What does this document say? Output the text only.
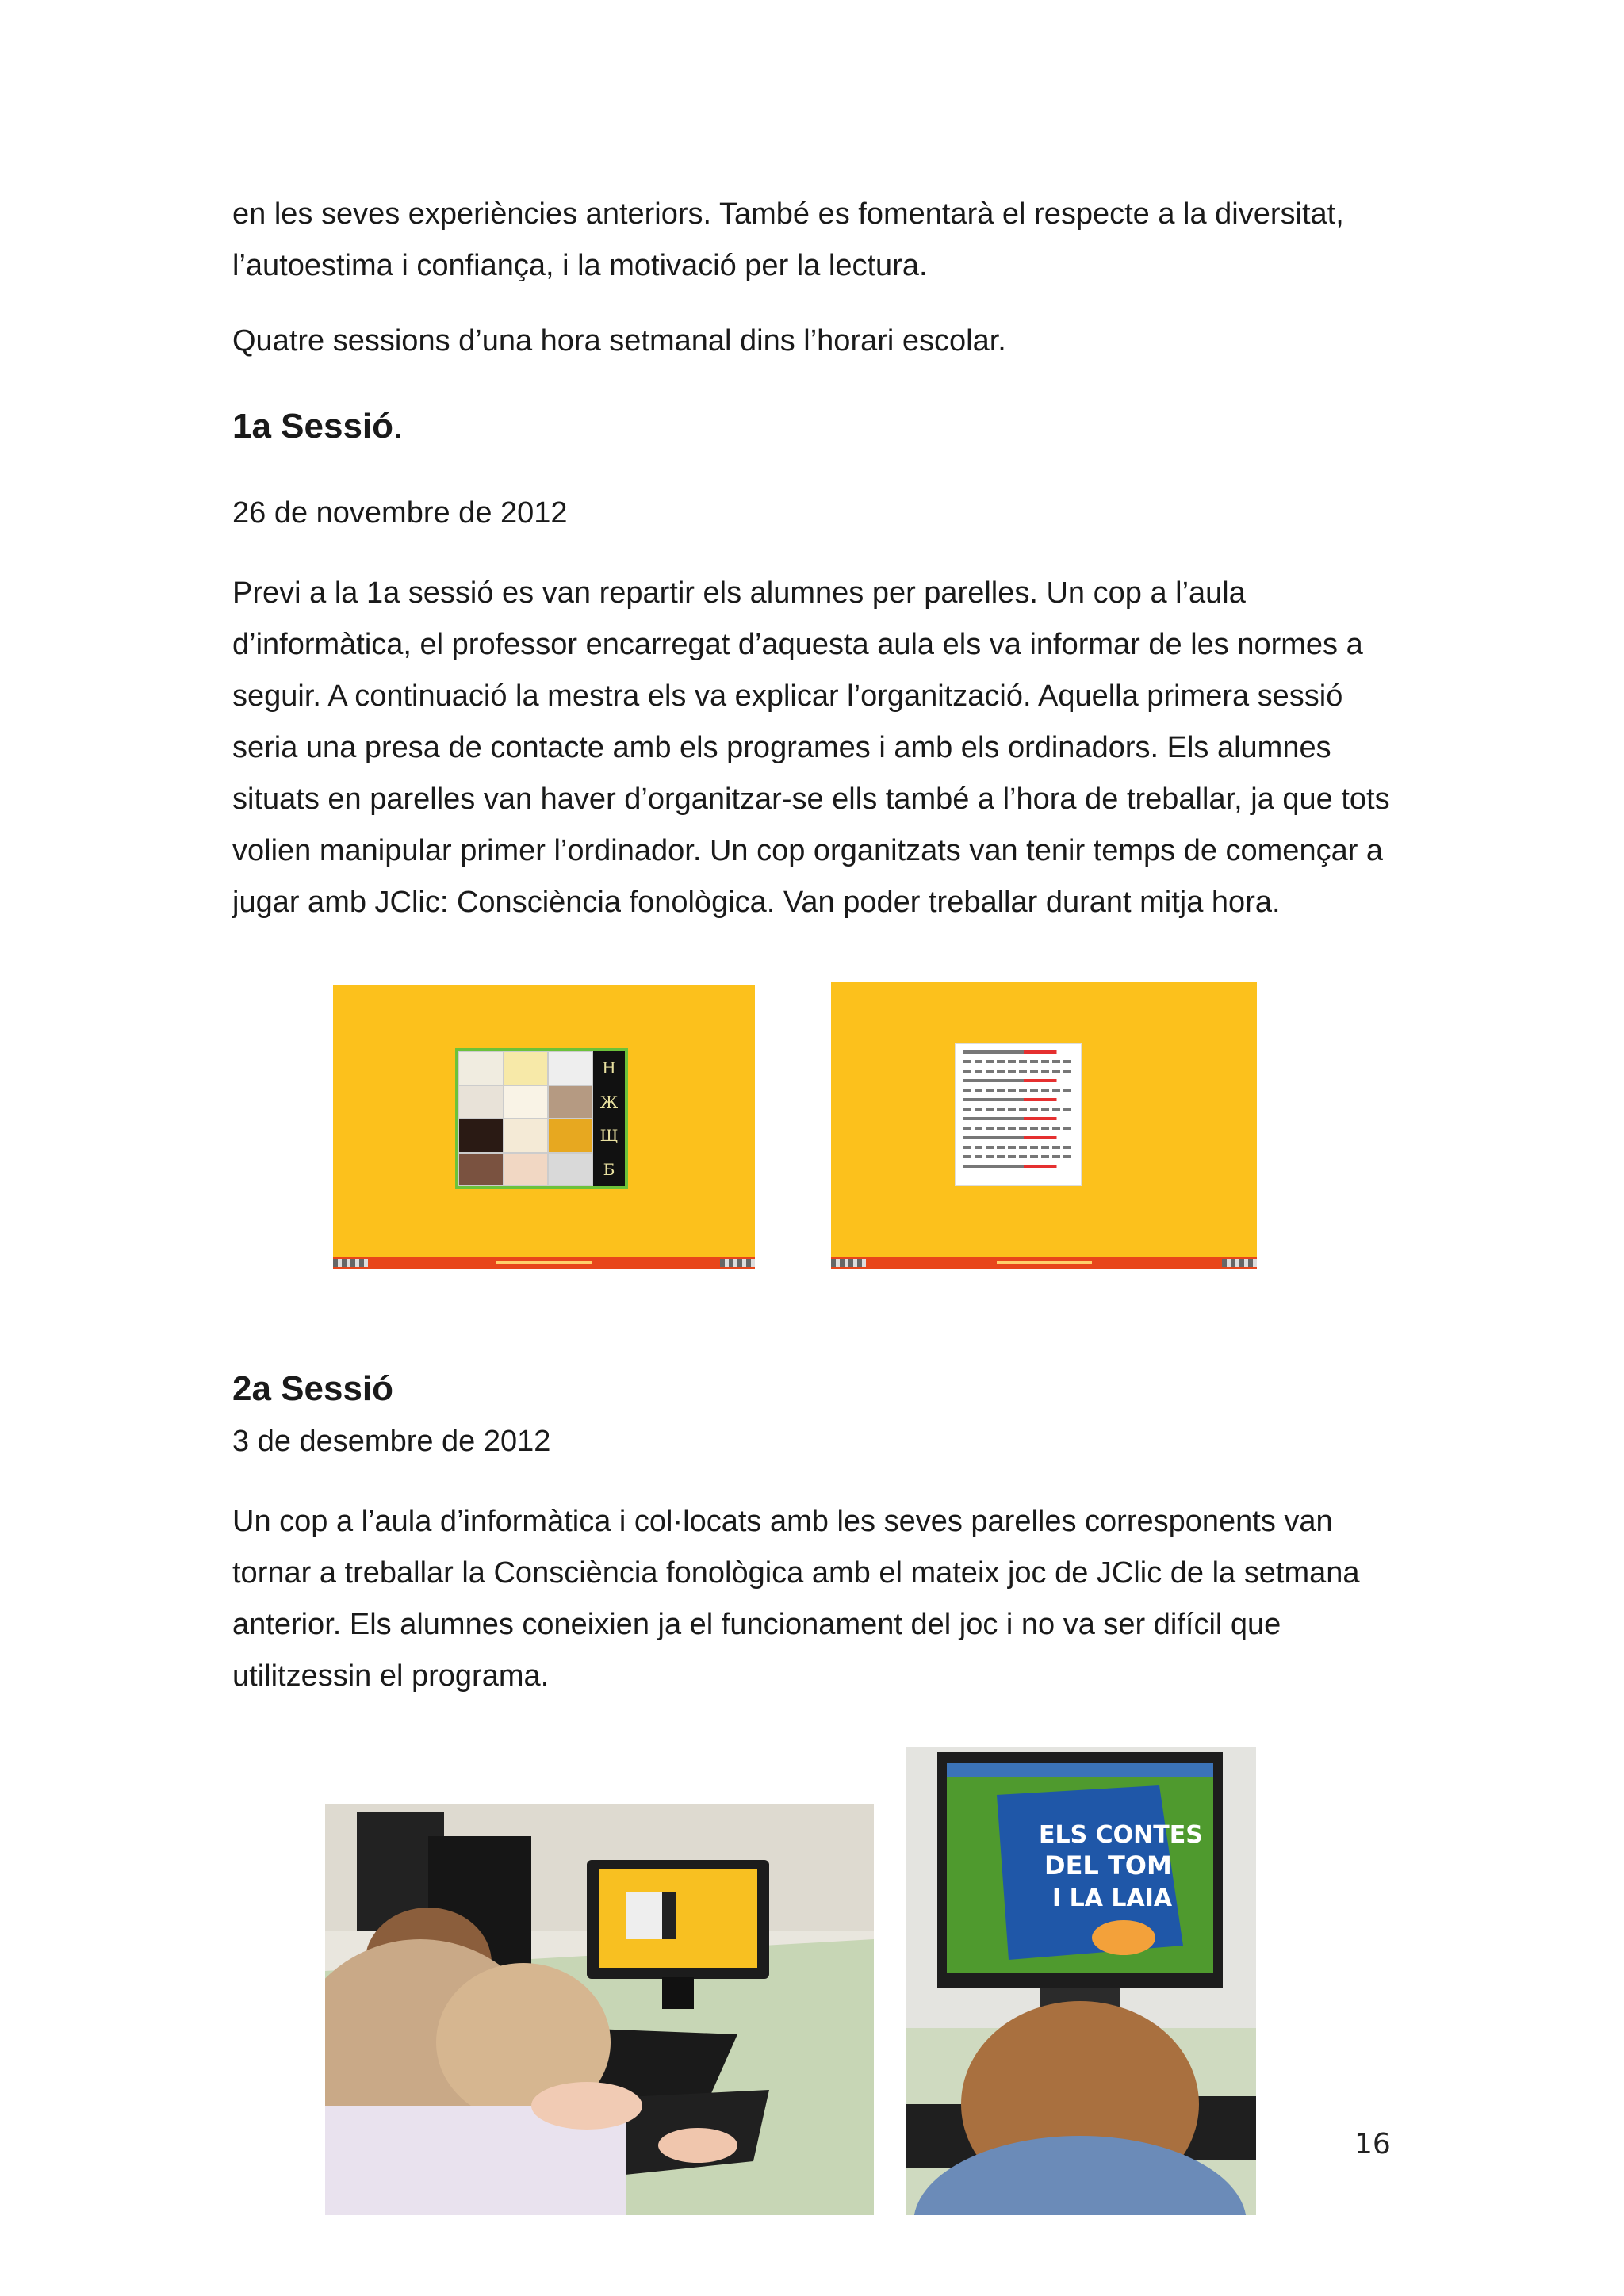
en les seves experiències anteriors. També es fomentarà el respecte a la diversitat, l’autoestima i confiança, i la motivació per la lectura.

Quatre sessions d’una hora setmanal dins l’horari escolar.

1a Sessió.

26 de novembre de 2012

Previ a la 1a sessió es van repartir els alumnes per parelles. Un cop a l’aula d’informàtica, el professor encarregat d’aquesta aula els va informar de les normes a seguir. A continuació la mestra els va explicar l’organització. Aquella primera sessió seria una presa de contacte amb els programes i amb els ordinadors. Els alumnes situats en parelles van haver d’organitzar-se ells també a l’hora de treballar, ja que tots volien manipular primer l’ordinador. Un cop organitzats van tenir temps de començar a jugar amb JClic: Consciència fonològica. Van poder treballar durant mitja hora.

Н
Ж
Щ
Б
2a Sessió

3 de desembre de 2012

Un cop a l’aula d’informàtica i col·locats amb les seves parelles corresponents van tornar a treballar la Consciència fonològica amb el mateix joc de JClic de la setmana anterior. Els alumnes coneixien ja el funcionament del joc i no va ser difícil que utilitzessin el programa.

ELS CONTES
DEL TOM
I LA LAIA
16
